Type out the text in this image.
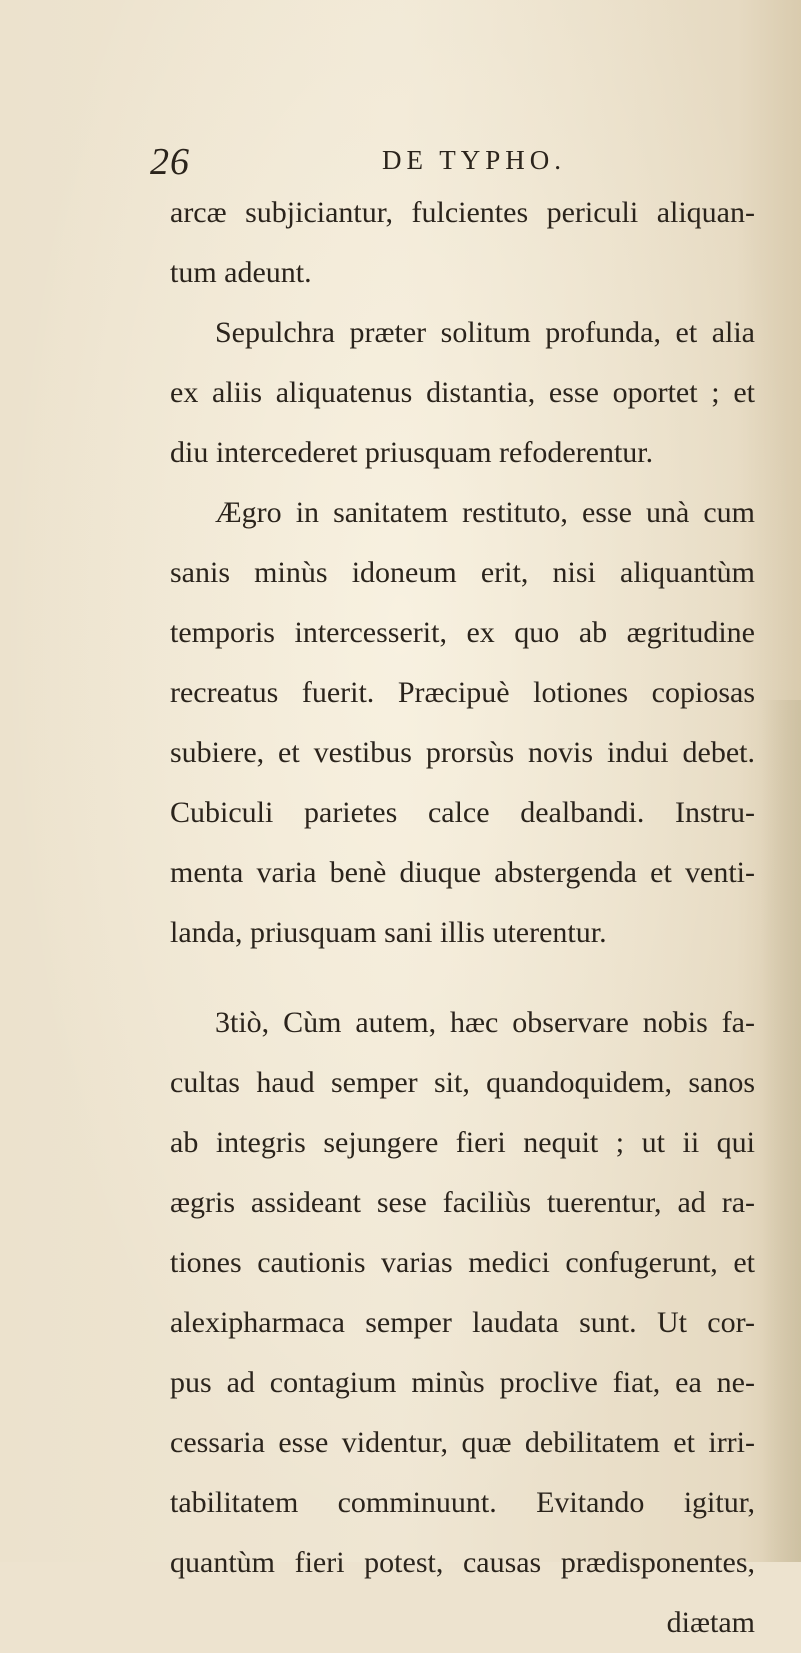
26	DE TYPHO.
arcæ subjiciantur, fulcientes periculi aliquan-
tum adeunt.
Sepulchra præter solitum profunda, et alia
ex aliis aliquatenus distantia, esse oportet ; et
diu intercederet priusquam refoderentur.
Ægro in sanitatem restituto, esse unà cum
sanis minùs idoneum erit, nisi aliquantùm
temporis intercesserit, ex quo ab ægritudine
recreatus fuerit. Præcipuè lotiones copiosas
subiere, et vestibus prorsùs novis indui debet.
Cubiculi parietes calce dealbandi. Instru-
menta varia benè diuque abstergenda et venti-
landa, priusquam sani illis uterentur.
3tiò, Cùm autem, hæc observare nobis fa-
cultas haud semper sit, quandoquidem, sanos
ab integris sejungere fieri nequit ; ut ii qui
ægris assideant sese faciliùs tuerentur, ad ra-
tiones cautionis varias medici confugerunt, et
alexipharmaca semper laudata sunt. Ut cor-
pus ad contagium minùs proclive fiat, ea ne-
cessaria esse videntur, quæ debilitatem et irri-
tabilitatem comminuunt. Evitando igitur,
quantùm fieri potest, causas prædisponentes,
diætam
